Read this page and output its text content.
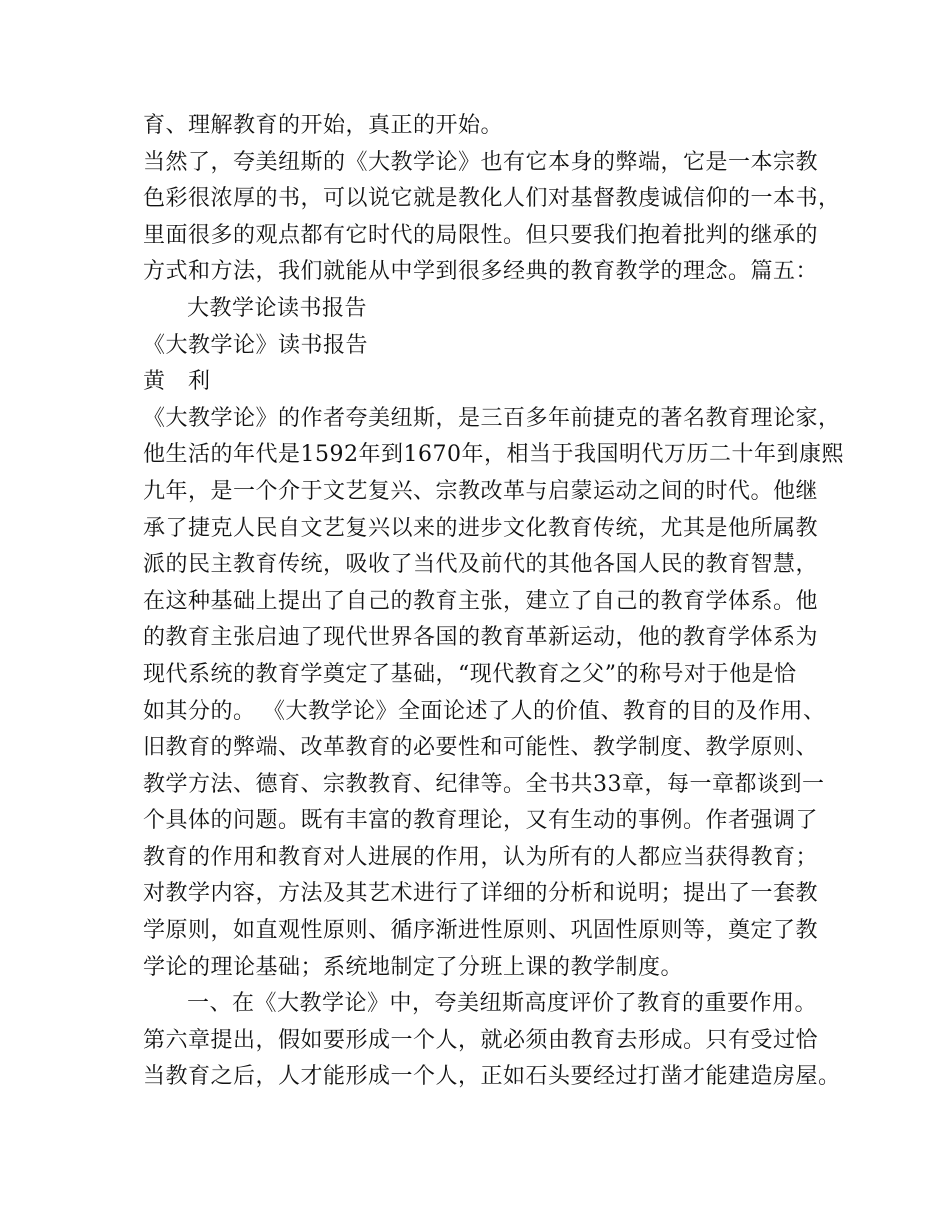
育、理解教育的开始，真正的开始。
当然了，夸美纽斯的《大教学论》也有它本身的弊端，它是一本宗教
色彩很浓厚的书，可以说它就是教化人们对基督教虔诚信仰的一本书，
里面很多的观点都有它时代的局限性。但只要我们抱着批判的继承的
方式和方法，我们就能从中学到很多经典的教育教学的理念。篇五：
大教学论读书报告
《大教学论》读书报告
黄　利
《大教学论》的作者夸美纽斯，是三百多年前捷克的著名教育理论家，
他生活的年代是1592年到1670年，相当于我国明代万历二十年到康熙
九年，是一个介于文艺复兴、宗教改革与启蒙运动之间的时代。他继
承了捷克人民自文艺复兴以来的进步文化教育传统，尤其是他所属教
派的民主教育传统，吸收了当代及前代的其他各国人民的教育智慧，
在这种基础上提出了自己的教育主张，建立了自己的教育学体系。他
的教育主张启迪了现代世界各国的教育革新运动，他的教育学体系为
现代系统的教育学奠定了基础，“现代教育之父”的称号对于他是恰
如其分的。 《大教学论》全面论述了人的价值、教育的目的及作用、
旧教育的弊端、改革教育的必要性和可能性、教学制度、教学原则、
教学方法、德育、宗教教育、纪律等。全书共33章，每一章都谈到一
个具体的问题。既有丰富的教育理论，又有生动的事例。作者强调了
教育的作用和教育对人进展的作用，认为所有的人都应当获得教育；
对教学内容，方法及其艺术进行了详细的分析和说明；提出了一套教
学原则，如直观性原则、循序渐进性原则、巩固性原则等，奠定了教
学论的理论基础；系统地制定了分班上课的教学制度。
一、在《大教学论》中，夸美纽斯高度评价了教育的重要作用。
第六章提出，假如要形成一个人，就必须由教育去形成。只有受过恰
当教育之后，人才能形成一个人，正如石头要经过打凿才能建造房屋。
